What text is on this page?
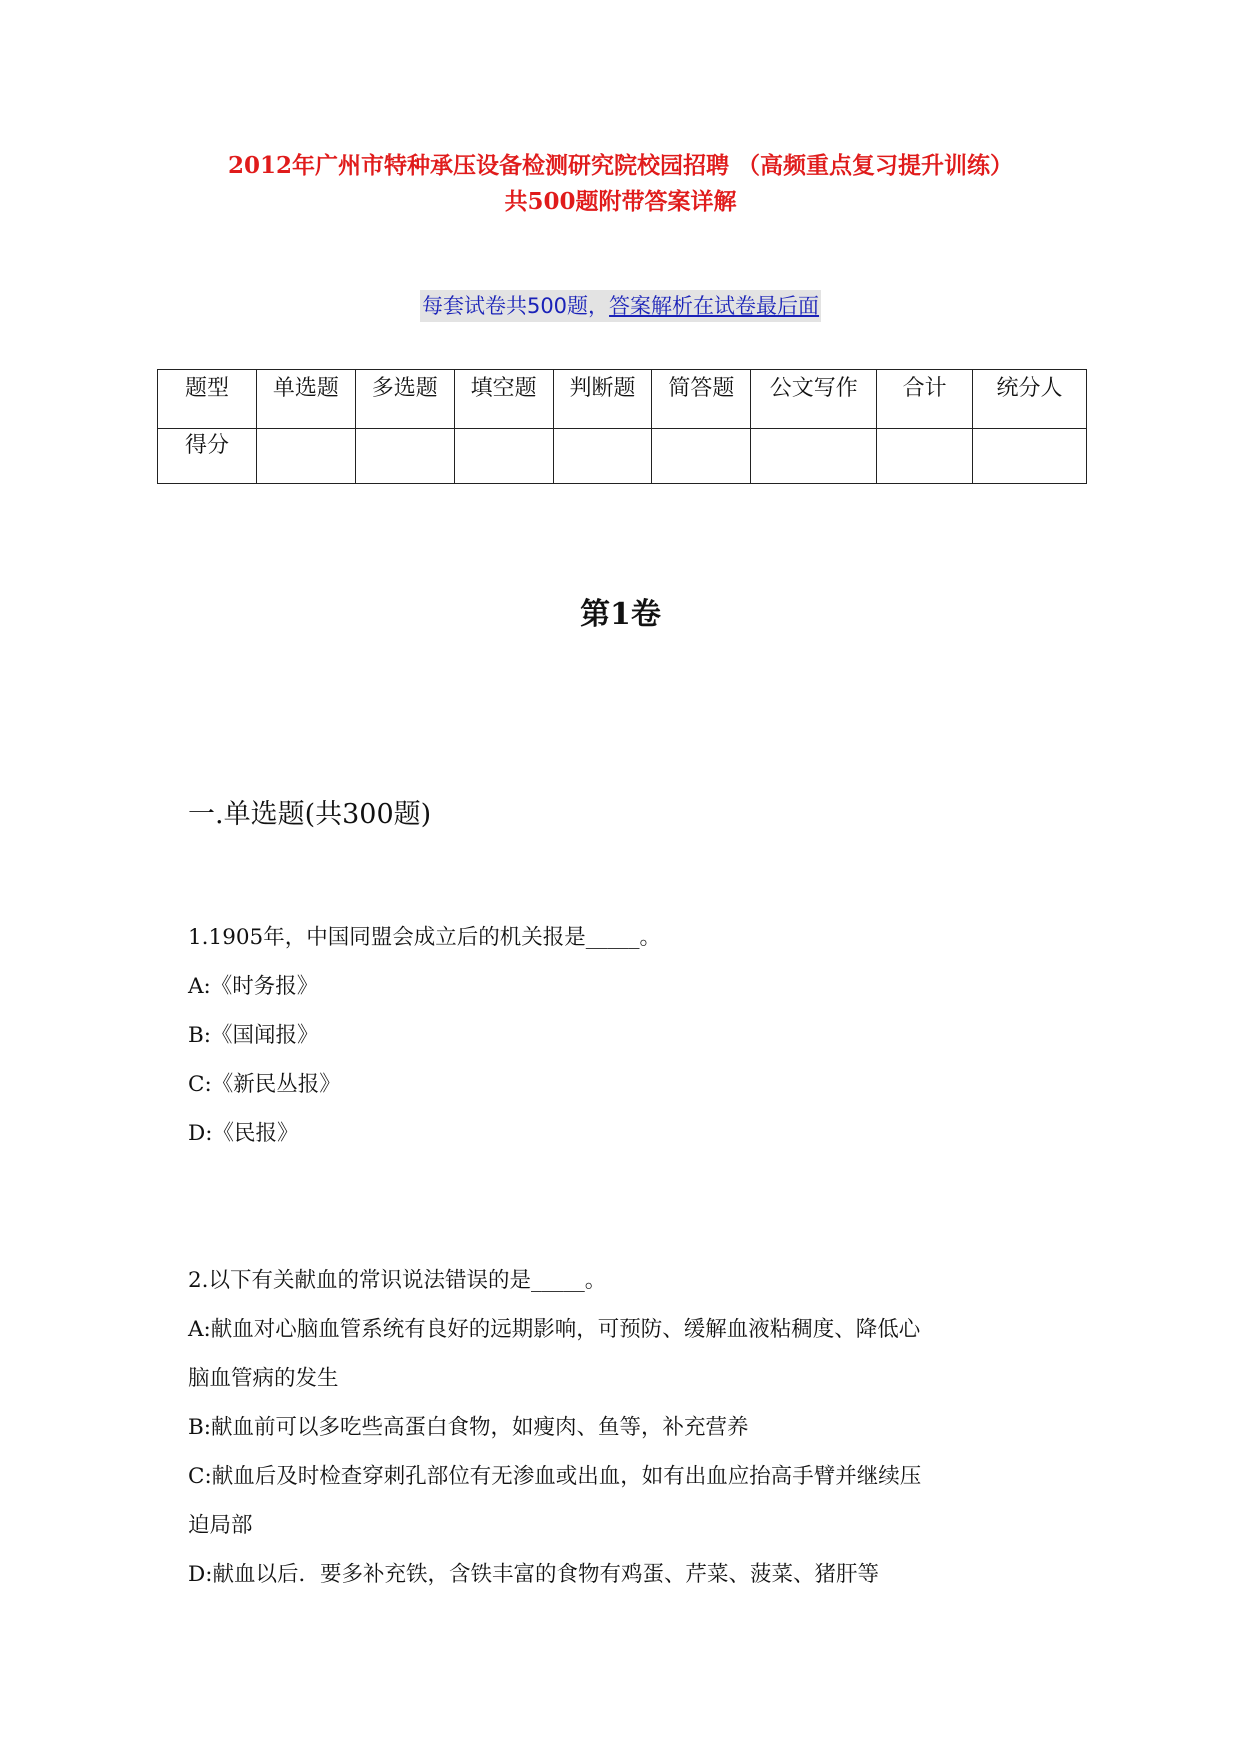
2012年广州市特种承压设备检测研究院校园招聘 （高频重点复习提升训练）
共500题附带答案详解
每套试卷共500题，答案解析在试卷最后面
题型	单选题	多选题	填空题	判断题	简答题	公文写作	合计	统分人
得分								
第1卷
一.单选题(共300题)
1.1905年，中国同盟会成立后的机关报是_____。
A:《时务报》
B:《国闻报》
C:《新民丛报》
D:《民报》
2.以下有关献血的常识说法错误的是_____。
A:献血对心脑血管系统有良好的远期影响，可预防、缓解血液粘稠度、降低心
脑血管病的发生
B:献血前可以多吃些高蛋白食物，如瘦肉、鱼等，补充营养
C:献血后及时检查穿刺孔部位有无渗血或出血，如有出血应抬高手臂并继续压
迫局部
D:献血以后．要多补充铁，含铁丰富的食物有鸡蛋、芹菜、菠菜、猪肝等
